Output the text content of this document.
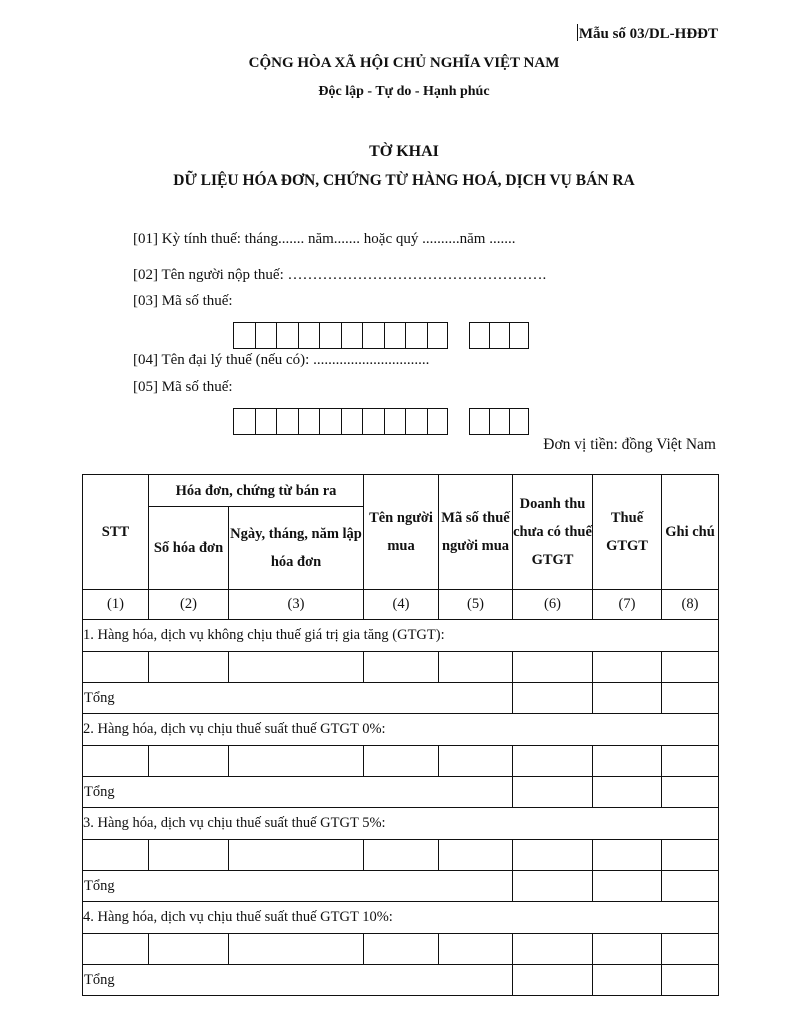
Mẫu số 03/DL-HĐĐT
CỘNG HÒA XÃ HỘI CHỦ NGHĨA VIỆT NAM
Độc lập - Tự do - Hạnh phúc
TỜ KHAI
DỮ LIỆU HÓA ĐƠN, CHỨNG TỪ HÀNG HOÁ, DỊCH VỤ BÁN RA
[01] Kỳ tính thuế: tháng....... năm....... hoặc quý ..........năm .......
[02] Tên người nộp thuế: …………………………………………….
[03] Mã số thuế:
[04] Tên đại lý thuế (nếu có): ...............................
[05] Mã số thuế:
Đơn vị tiền: đồng Việt Nam
STT	Hóa đơn, chứng từ bán ra		Tên người mua	Mã số thuế người mua	Doanh thu chưa có thuế GTGT	Thuế GTGT	Ghi chú
	Số hóa đơn	Ngày, tháng, năm lập hóa đơn					
(1)	(2)	(3)	(4)	(5)	(6)	(7)	(8)
1. Hàng hóa, dịch vụ không chịu thuế giá trị gia tăng (GTGT):							

Tổng							
2. Hàng hóa, dịch vụ chịu thuế suất thuế GTGT 0%:							

Tổng							
3. Hàng hóa, dịch vụ chịu thuế suất thuế GTGT 5%:							

Tổng							
4. Hàng hóa, dịch vụ chịu thuế suất thuế GTGT 10%:							

Tổng							
